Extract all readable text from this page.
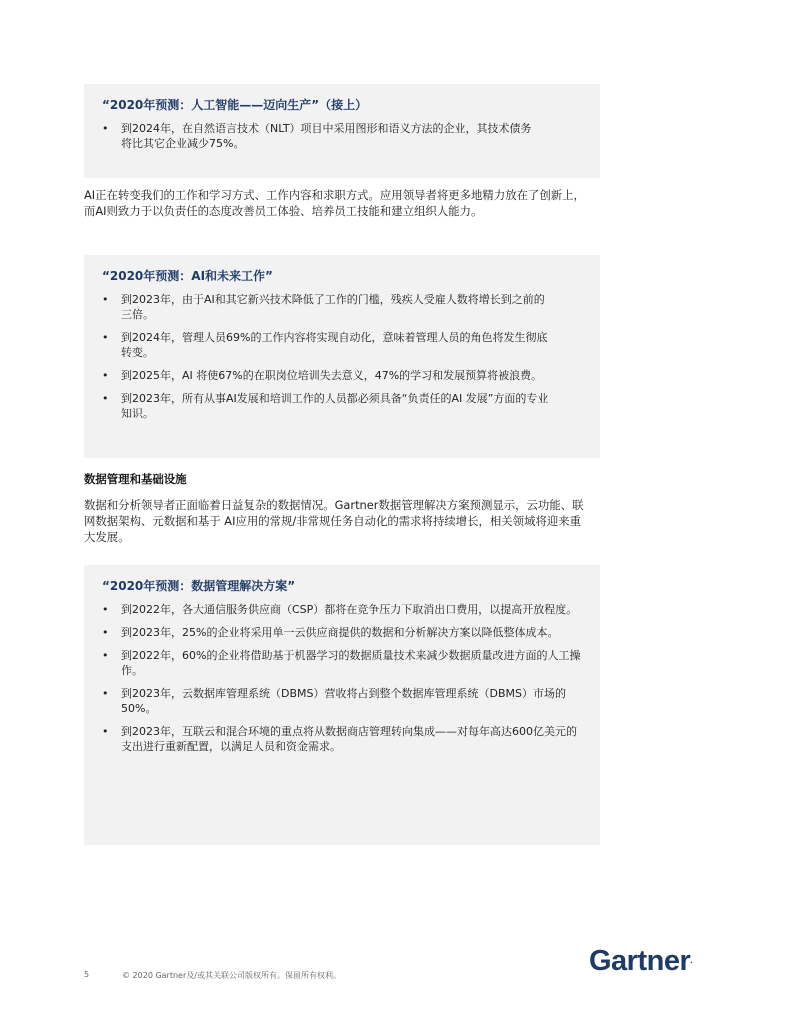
“2020年预测：人工智能——迈向生产”（接上）
• 到2024年，在自然语言技术（NLT）项目中采用图形和语义方法的企业，其技术债务将比其它企业减少75%。

AI正在转变我们的工作和学习方式、工作内容和求职方式。应用领导者将更多地精力放在了创新上，而AI则致力于以负责任的态度改善员工体验、培养员工技能和建立组织人能力。

“2020年预测：AI和未来工作”
• 到2023年，由于AI和其它新兴技术降低了工作的门槛，残疾人受雇人数将增长到之前的三倍。
• 到2024年，管理人员69%的工作内容将实现自动化，意味着管理人员的角色将发生彻底转变。
• 到2025年，AI 将使67%的在职岗位培训失去意义，47%的学习和发展预算将被浪费。
• 到2023年，所有从事AI发展和培训工作的人员都必须具备“负责任的AI 发展”方面的专业知识。
数据管理和基础设施

数据和分析领导者正面临着日益复杂的数据情况。Gartner数据管理解决方案预测显示，云功能、联网数据架构、元数据和基于 AI应用的常规/非常规任务自动化的需求将持续增长，相关领域将迎来重大发展。

“2020年预测：数据管理解决方案”
• 到2022年，各大通信服务供应商（CSP）都将在竞争压力下取消出口费用，以提高开放程度。
• 到2023年，25%的企业将采用单一云供应商提供的数据和分析解决方案以降低整体成本。
• 到2022年，60%的企业将借助基于机器学习的数据质量技术来减少数据质量改进方面的人工操作。
• 到2023年，云数据库管理系统（DBMS）营收将占到整个数据库管理系统（DBMS）市场的 50%。
• 到2023年，互联云和混合环境的重点将从数据商店管理转向集成——对每年高达600亿美元的支出进行重新配置，以满足人员和资金需求。
5	© 2020 Gartner及/或其关联公司版权所有。保留所有权利。	Gartner.
